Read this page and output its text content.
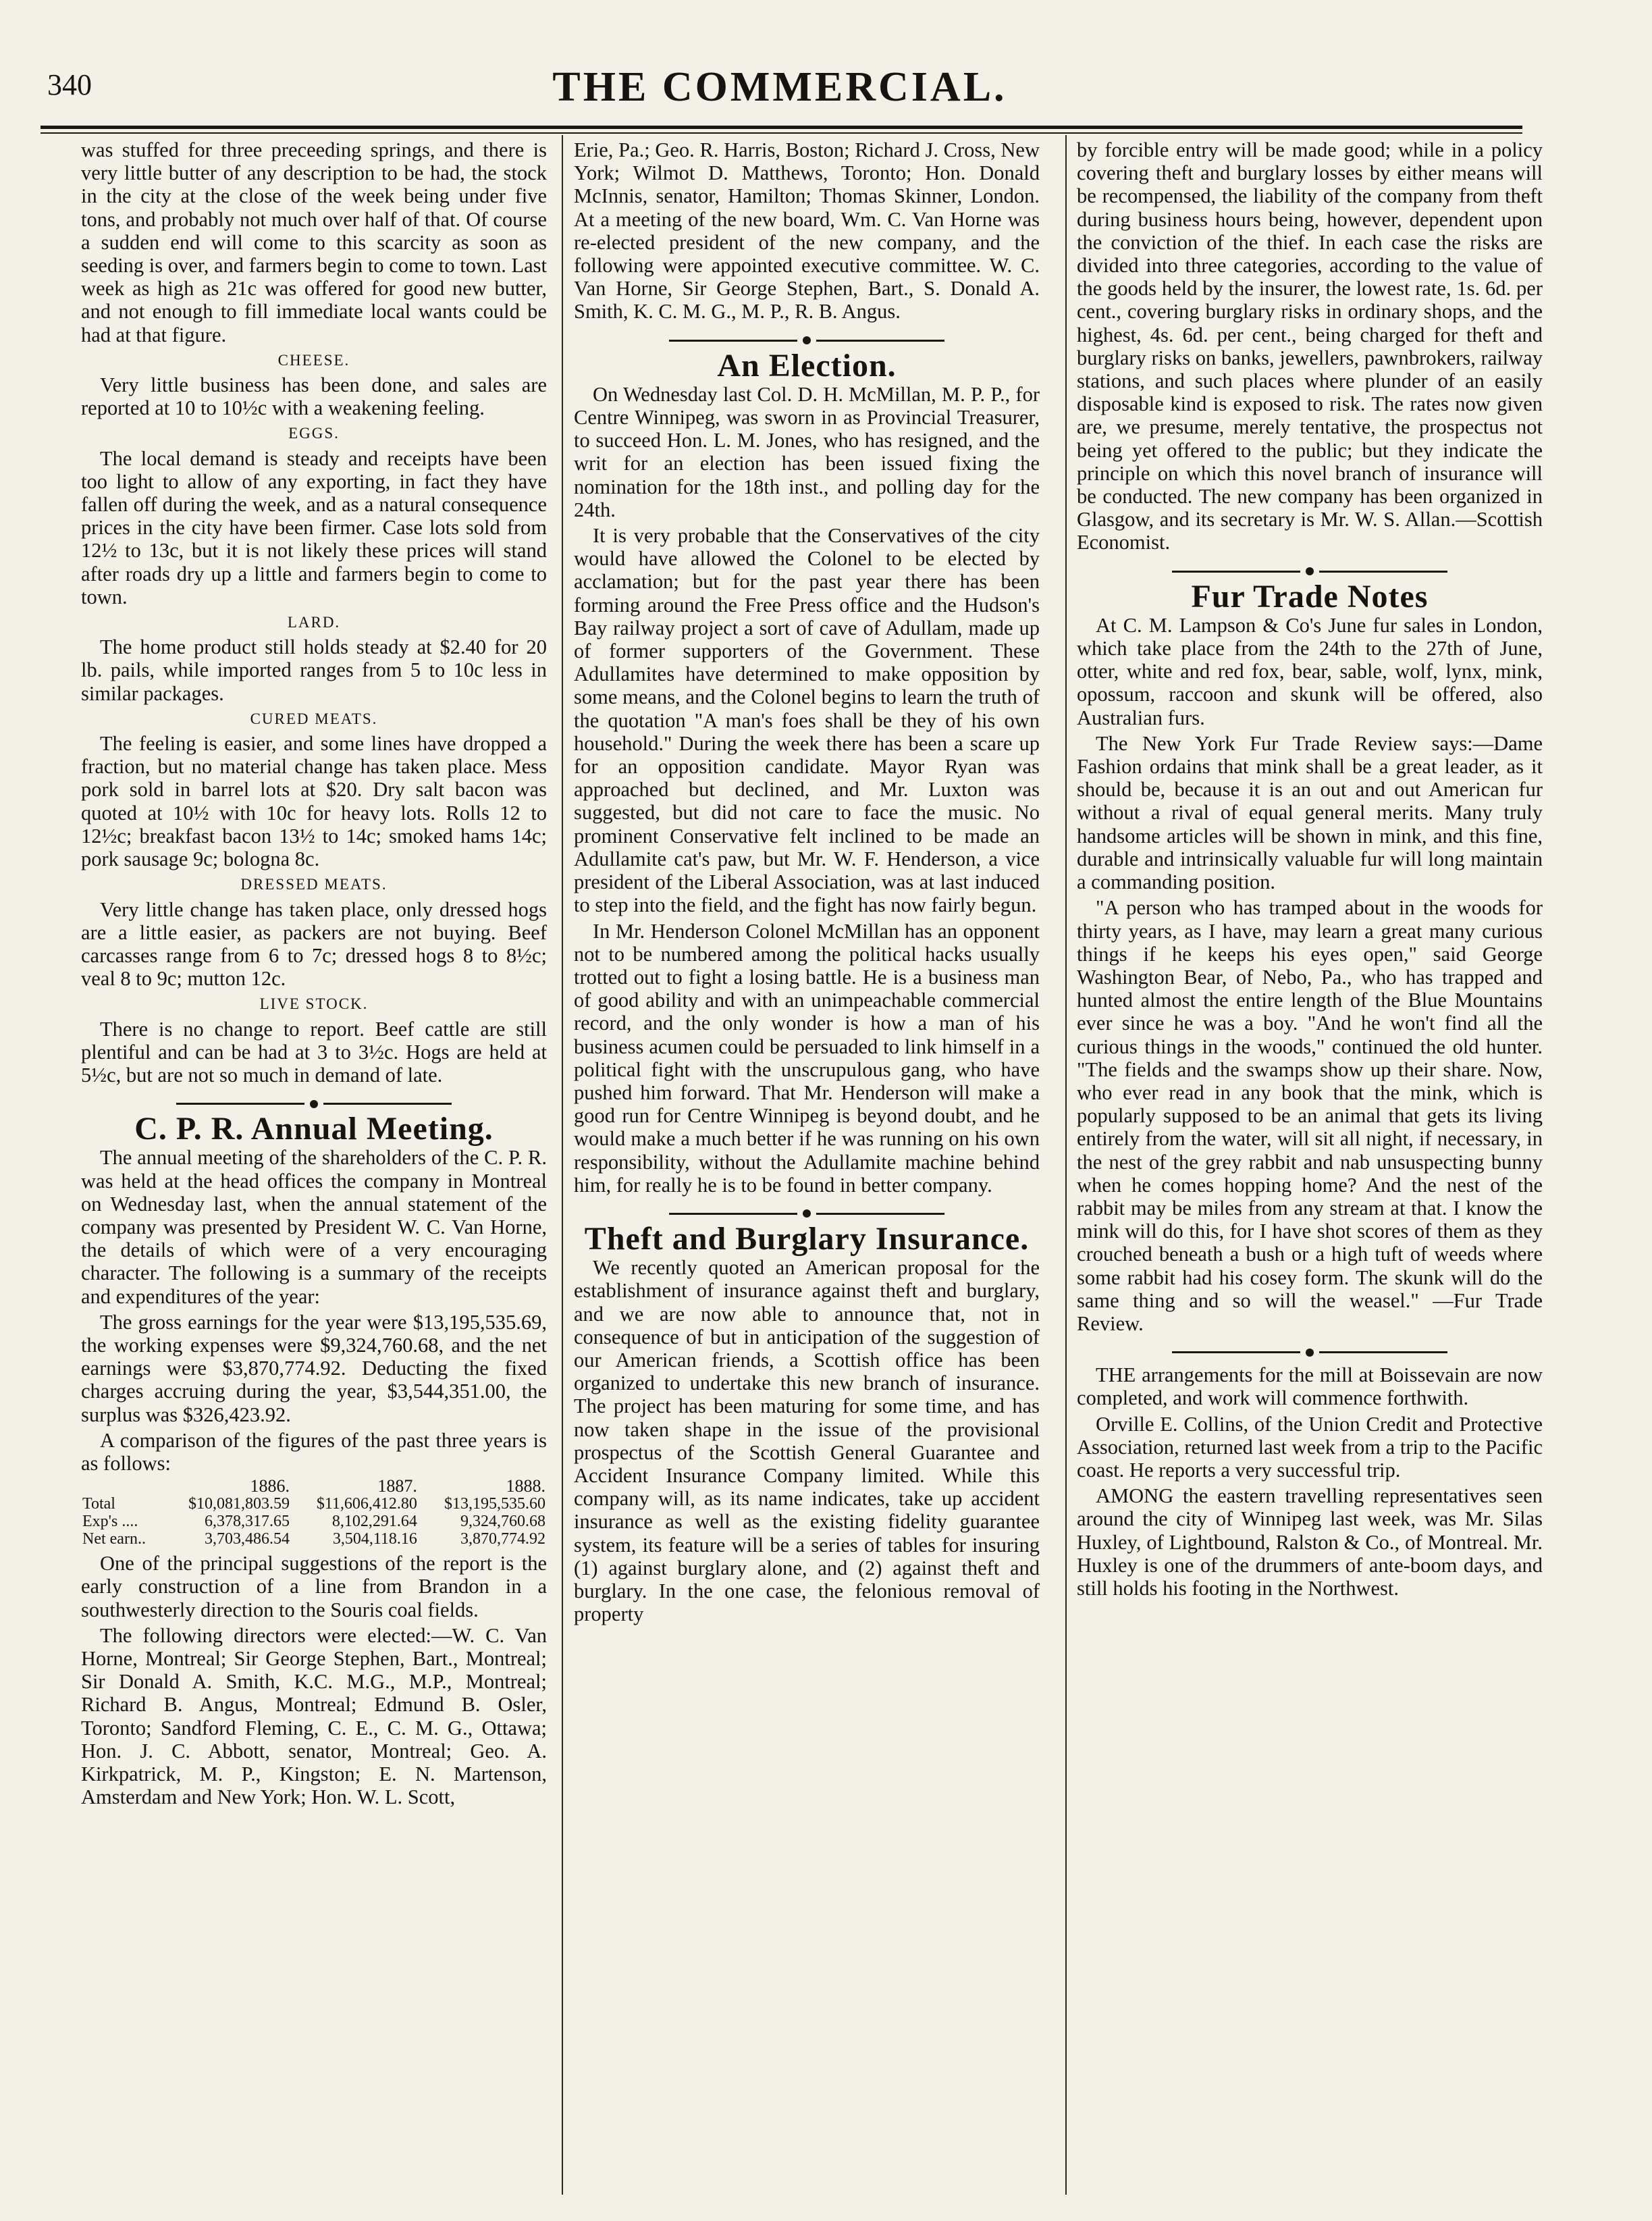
340	THE COMMERCIAL.

was stuffed for three preceeding springs, and there is very little butter of any description to be had, the stock in the city at the close of the week being under five tons, and probably not much over half of that. Of course a sudden end will come to this scarcity as soon as seeding is over, and farmers begin to come to town. Last week as high as 21c was offered for good new butter, and not enough to fill immediate local wants could be had at that figure.

CHEESE.

Very little business has been done, and sales are reported at 10 to 10½c with a weakening feeling.

EGGS.

The local demand is steady and receipts have been too light to allow of any exporting, in fact they have fallen off during the week, and as a natural consequence prices in the city have been firmer. Case lots sold from 12½ to 13c, but it is not likely these prices will stand after roads dry up a little and farmers begin to come to town.

LARD.

The home product still holds steady at $2.40 for 20 lb. pails, while imported ranges from 5 to 10c less in similar packages.

CURED MEATS.

The feeling is easier, and some lines have dropped a fraction, but no material change has taken place. Mess pork sold in barrel lots at $20. Dry salt bacon was quoted at 10½ with 10c for heavy lots. Rolls 12 to 12½c; breakfast bacon 13½ to 14c; smoked hams 14c; pork sausage 9c; bologna 8c.

DRESSED MEATS.

Very little change has taken place, only dressed hogs are a little easier, as packers are not buying. Beef carcasses range from 6 to 7c; dressed hogs 8 to 8½c; veal 8 to 9c; mutton 12c.

LIVE STOCK.

There is no change to report. Beef cattle are still plentiful and can be had at 3 to 3½c. Hogs are held at 5½c, but are not so much in demand of late.

C. P. R. Annual Meeting.

The annual meeting of the shareholders of the C. P. R. was held at the head offices the company in Montreal on Wednesday last, when the annual statement of the company was presented by President W. C. Van Horne, the details of which were of a very encouraging character. The following is a summary of the receipts and expenditures of the year:

The gross earnings for the year were $13,195,535.69, the working expenses were $9,324,760.68, and the net earnings were $3,870,774.92. Deducting the fixed charges accruing during the year, $3,544,351.00, the surplus was $326,423.92.

A comparison of the figures of the past three years is as follows:

	1886.	1887.	1888.
Total	$10,081,803.59	$11,606,412.80	$13,195,535.60
Exp's ....	6,378,317.65	8,102,291.64	9,324,760.68
Net earn..	3,703,486.54	3,504,118.16	3,870,774.92

One of the principal suggestions of the report is the early construction of a line from Brandon in a southwesterly direction to the Souris coal fields.

The following directors were elected:—W. C. Van Horne, Montreal; Sir George Stephen, Bart., Montreal; Sir Donald A. Smith, K.C. M.G., M.P., Montreal; Richard B. Angus, Montreal; Edmund B. Osler, Toronto; Sandford Fleming, C. E., C. M. G., Ottawa; Hon. J. C. Abbott, senator, Montreal; Geo. A. Kirkpatrick, M. P., Kingston; E. N. Martenson, Amsterdam and New York; Hon. W. L. Scott,

Erie, Pa.; Geo. R. Harris, Boston; Richard J. Cross, New York; Wilmot D. Matthews, Toronto; Hon. Donald McInnis, senator, Hamilton; Thomas Skinner, London. At a meeting of the new board, Wm. C. Van Horne was re-elected president of the new company, and the following were appointed executive committee. W. C. Van Horne, Sir George Stephen, Bart., S. Donald A. Smith, K. C. M. G., M. P., R. B. Angus.

An Election.

On Wednesday last Col. D. H. McMillan, M. P. P., for Centre Winnipeg, was sworn in as Provincial Treasurer, to succeed Hon. L. M. Jones, who has resigned, and the writ for an election has been issued fixing the nomination for the 18th inst., and polling day for the 24th.

It is very probable that the Conservatives of the city would have allowed the Colonel to be elected by acclamation; but for the past year there has been forming around the Free Press office and the Hudson's Bay railway project a sort of cave of Adullam, made up of former supporters of the Government. These Adullamites have determined to make opposition by some means, and the Colonel begins to learn the truth of the quotation "A man's foes shall be they of his own household." During the week there has been a scare up for an opposition candidate. Mayor Ryan was approached but declined, and Mr. Luxton was suggested, but did not care to face the music. No prominent Conservative felt inclined to be made an Adullamite cat's paw, but Mr. W. F. Henderson, a vice president of the Liberal Association, was at last induced to step into the field, and the fight has now fairly begun.

In Mr. Henderson Colonel McMillan has an opponent not to be numbered among the political hacks usually trotted out to fight a losing battle. He is a business man of good ability and with an unimpeachable commercial record, and the only wonder is how a man of his business acumen could be persuaded to link himself in a political fight with the unscrupulous gang, who have pushed him forward. That Mr. Henderson will make a good run for Centre Winnipeg is beyond doubt, and he would make a much better if he was running on his own responsibility, without the Adullamite machine behind him, for really he is to be found in better company.

Theft and Burglary Insurance.

We recently quoted an American proposal for the establishment of insurance against theft and burglary, and we are now able to announce that, not in consequence of but in anticipation of the suggestion of our American friends, a Scottish office has been organized to undertake this new branch of insurance. The project has been maturing for some time, and has now taken shape in the issue of the provisional prospectus of the Scottish General Guarantee and Accident Insurance Company limited. While this company will, as its name indicates, take up accident insurance as well as the existing fidelity guarantee system, its feature will be a series of tables for insuring (1) against burglary alone, and (2) against theft and burglary. In the one case, the felonious removal of property

by forcible entry will be made good; while in a policy covering theft and burglary losses by either means will be recompensed, the liability of the company from theft during business hours being, however, dependent upon the conviction of the thief. In each case the risks are divided into three categories, according to the value of the goods held by the insurer, the lowest rate, 1s. 6d. per cent., covering burglary risks in ordinary shops, and the highest, 4s. 6d. per cent., being charged for theft and burglary risks on banks, jewellers, pawnbrokers, railway stations, and such places where plunder of an easily disposable kind is exposed to risk. The rates now given are, we presume, merely tentative, the prospectus not being yet offered to the public; but they indicate the principle on which this novel branch of insurance will be conducted. The new company has been organized in Glasgow, and its secretary is Mr. W. S. Allan.—Scottish Economist.

Fur Trade Notes

At C. M. Lampson & Co's June fur sales in London, which take place from the 24th to the 27th of June, otter, white and red fox, bear, sable, wolf, lynx, mink, opossum, raccoon and skunk will be offered, also Australian furs.

The New York Fur Trade Review says:—Dame Fashion ordains that mink shall be a great leader, as it should be, because it is an out and out American fur without a rival of equal general merits. Many truly handsome articles will be shown in mink, and this fine, durable and intrinsically valuable fur will long maintain a commanding position.

"A person who has tramped about in the woods for thirty years, as I have, may learn a great many curious things if he keeps his eyes open," said George Washington Bear, of Nebo, Pa., who has trapped and hunted almost the entire length of the Blue Mountains ever since he was a boy. "And he won't find all the curious things in the woods," continued the old hunter. "The fields and the swamps show up their share. Now, who ever read in any book that the mink, which is popularly supposed to be an animal that gets its living entirely from the water, will sit all night, if necessary, in the nest of the grey rabbit and nab unsuspecting bunny when he comes hopping home? And the nest of the rabbit may be miles from any stream at that. I know the mink will do this, for I have shot scores of them as they crouched beneath a bush or a high tuft of weeds where some rabbit had his cosey form. The skunk will do the same thing and so will the weasel." —Fur Trade Review.

THE arrangements for the mill at Boissevain are now completed, and work will commence forthwith.

Orville E. Collins, of the Union Credit and Protective Association, returned last week from a trip to the Pacific coast. He reports a very successful trip.

AMONG the eastern travelling representatives seen around the city of Winnipeg last week, was Mr. Silas Huxley, of Lightbound, Ralston & Co., of Montreal. Mr. Huxley is one of the drummers of ante-boom days, and still holds his footing in the Northwest.
